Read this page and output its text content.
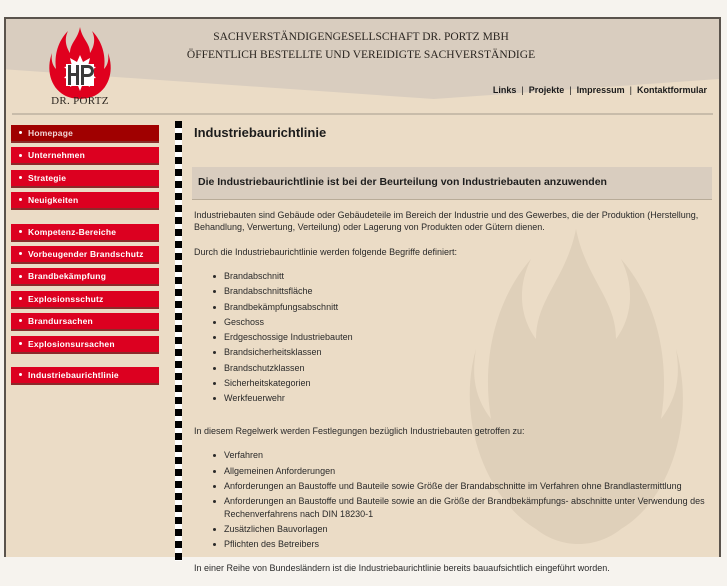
DR. PORTZ
SACHVERSTÄNDIGENGESELLSCHAFT DR. PORTZ MBH
ÖFFENTLICH BESTELLTE UND VEREIDIGTE SACHVERSTÄNDIGE
Links | Projekte | Impressum | Kontaktformular
Homepage
Unternehmen
Strategie
Neuigkeiten
Kompetenz-Bereiche
Vorbeugender Brandschutz
Brandbekämpfung
Explosionsschutz
Brandursachen
Explosionsursachen
Industriebaurichtlinie
Industriebaurichtlinie
Die Industriebaurichtlinie ist bei der Beurteilung von Industriebauten anzuwenden

Industriebauten sind Gebäude oder Gebäudeteile im Bereich der Industrie und des Gewerbes, die der Produktion (Herstellung, Behandlung, Verwertung, Verteilung) oder Lagerung von Produkten oder Gütern dienen.

Durch die Industriebaurichtlinie werden folgende Begriffe definiert:

Brandabschnitt
Brandabschnittsfläche
Brandbekämpfungsabschnitt
Geschoss
Erdgeschossige Industriebauten
Brandsicherheitsklassen
Brandschutzklassen
Sicherheitskategorien
Werkfeuerwehr

In diesem Regelwerk werden Festlegungen bezüglich Industriebauten getroffen zu:

Verfahren
Allgemeinen Anforderungen
Anforderungen an Baustoffe und Bauteile sowie Größe der Brandabschnitte im Verfahren ohne Brandlastermittlung
Anforderungen an Baustoffe und Bauteile sowie an die Größe der Brandbekämpfungs- abschnitte unter Verwendung des Rechenverfahrens nach DIN 18230-1
Zusätzlichen Bauvorlagen
Pflichten des Betreibers

In einer Reihe von Bundesländern ist die Industriebaurichtlinie bereits bauaufsichtlich eingeführt worden.
